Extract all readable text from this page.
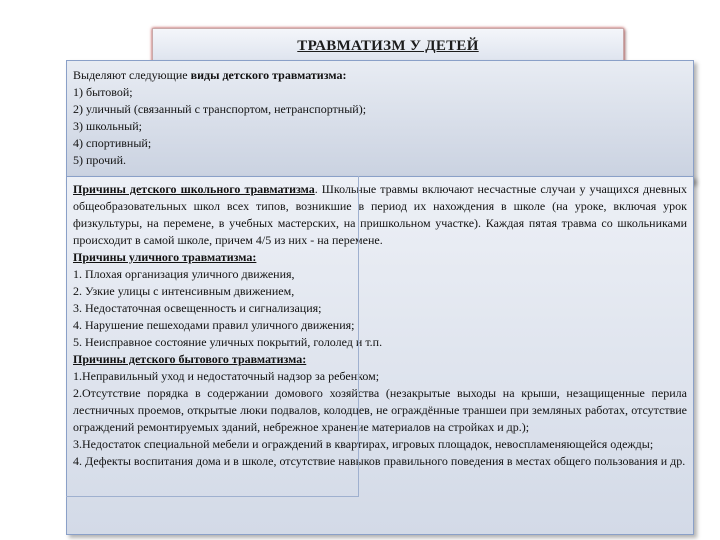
ТРАВМАТИЗМ У ДЕТЕЙ
Выделяют следующие виды детского травматизма:
1) бытовой;
2) уличный (связанный с транспортом, нетранспортный);
3) школьный;
4) спортивный;
5) прочий.

Причины детского школьного травматизма. Школьные травмы включают несчастные случаи у учащихся дневных общеобразовательных школ всех типов, возникшие в период их нахождения в школе (на уроке, включая урок физкультуры, на перемене, в учебных мастерских, на пришкольном участке). Каждая пятая травма со школьниками происходит в самой школе, причем 4/5 из них - на перемене.

Причины уличного травматизма:
1. Плохая организация уличного движения,
2. Узкие улицы с интенсивным движением,
3. Недостаточная освещенность и сигнализация;
4. Нарушение пешеходами правил уличного движения;
5. Неисправное состояние уличных покрытий, гололед и т.п.
Причины детского бытового травматизма:
1.Неправильный уход и недостаточный надзор за ребенком;

2.Отсутствие порядка в содержании домового хозяйства (незакрытые выходы на крыши, незащищенные перила лестничных проемов, открытые люки подвалов, колодцев, не ограждённые траншеи при земляных работах, отсутствие ограждений ремонтируемых зданий, небрежное хранение материалов на стройках и др.);

3.Недостаток специальной мебели и ограждений в квартирах, игровых площадок, невоспламеняющейся одежды;

4. Дефекты воспитания дома и в школе, отсутствие навыков правильного поведения в местах общего пользования и др.
